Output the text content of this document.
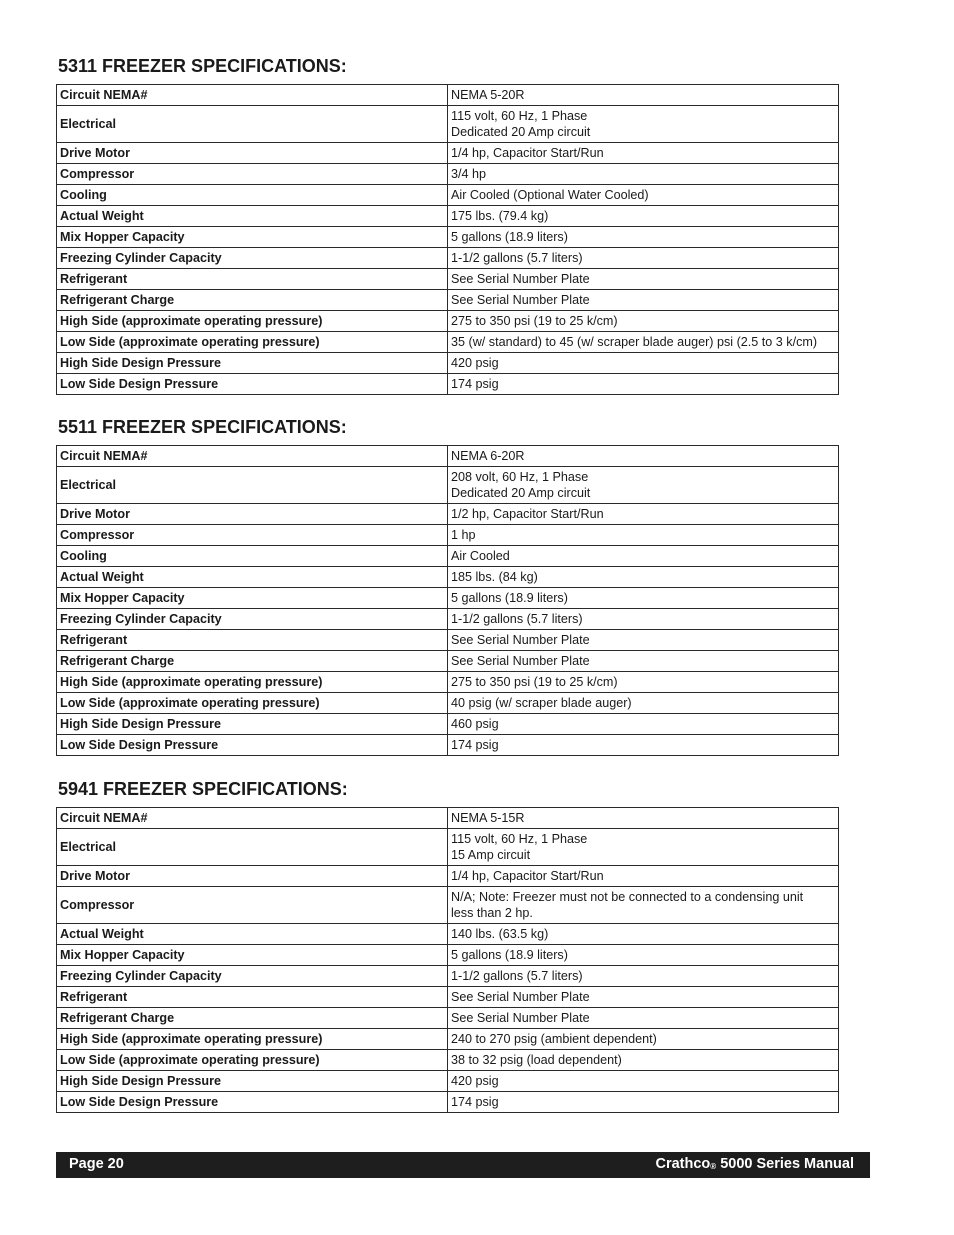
5311 FREEZER SPECIFICATIONS:
Circuit NEMA#	NEMA 5-20R

Electrical	115 volt, 60 Hz, 1 Phase
Dedicated 20 Amp circuit

Drive Motor	1/4 hp, Capacitor Start/Run

Compressor	3/4 hp

Cooling	Air Cooled (Optional Water Cooled)

Actual Weight	175 lbs. (79.4 kg)

Mix Hopper Capacity	5 gallons (18.9 liters)

Freezing Cylinder Capacity	1-1/2 gallons (5.7 liters)

Refrigerant	See Serial Number Plate

Refrigerant Charge	See Serial Number Plate

High Side (approximate operating pressure)	275 to 350 psi (19 to 25 k/cm)

Low Side (approximate operating pressure)	35 (w/ standard) to 45 (w/ scraper blade auger) psi (2.5 to 3 k/cm)

High Side Design Pressure	420 psig

Low Side Design Pressure	174 psig
5511 FREEZER SPECIFICATIONS:
Circuit NEMA#	NEMA 6-20R

Electrical	208 volt, 60 Hz, 1 Phase
Dedicated 20 Amp circuit

Drive Motor	1/2 hp, Capacitor Start/Run

Compressor	1 hp

Cooling	Air Cooled

Actual Weight	185 lbs. (84 kg)

Mix Hopper Capacity	5 gallons (18.9 liters)

Freezing Cylinder Capacity	1-1/2 gallons (5.7 liters)

Refrigerant	See Serial Number Plate

Refrigerant Charge	See Serial Number Plate

High Side (approximate operating pressure)	275 to 350 psi (19 to 25 k/cm)

Low Side (approximate operating pressure)	40 psig (w/ scraper blade auger)

High Side Design Pressure	460 psig

Low Side Design Pressure	174 psig
5941 FREEZER SPECIFICATIONS:
Circuit NEMA#	NEMA 5-15R

Electrical	115 volt, 60 Hz, 1 Phase
15 Amp circuit

Drive Motor	1/4 hp, Capacitor Start/Run

Compressor	N/A; Note: Freezer must not be connected to a condensing unit
less than 2 hp.

Actual Weight	140 lbs. (63.5 kg)

Mix Hopper Capacity	5 gallons (18.9 liters)

Freezing Cylinder Capacity	1-1/2 gallons (5.7 liters)

Refrigerant	See Serial Number Plate

Refrigerant Charge	See Serial Number Plate

High Side (approximate operating pressure)	240 to 270 psig (ambient dependent)

Low Side (approximate operating pressure)	38 to 32 psig (load dependent)

High Side Design Pressure	420 psig

Low Side Design Pressure	174 psig
Page 20	Crathco® 5000 Series Manual
